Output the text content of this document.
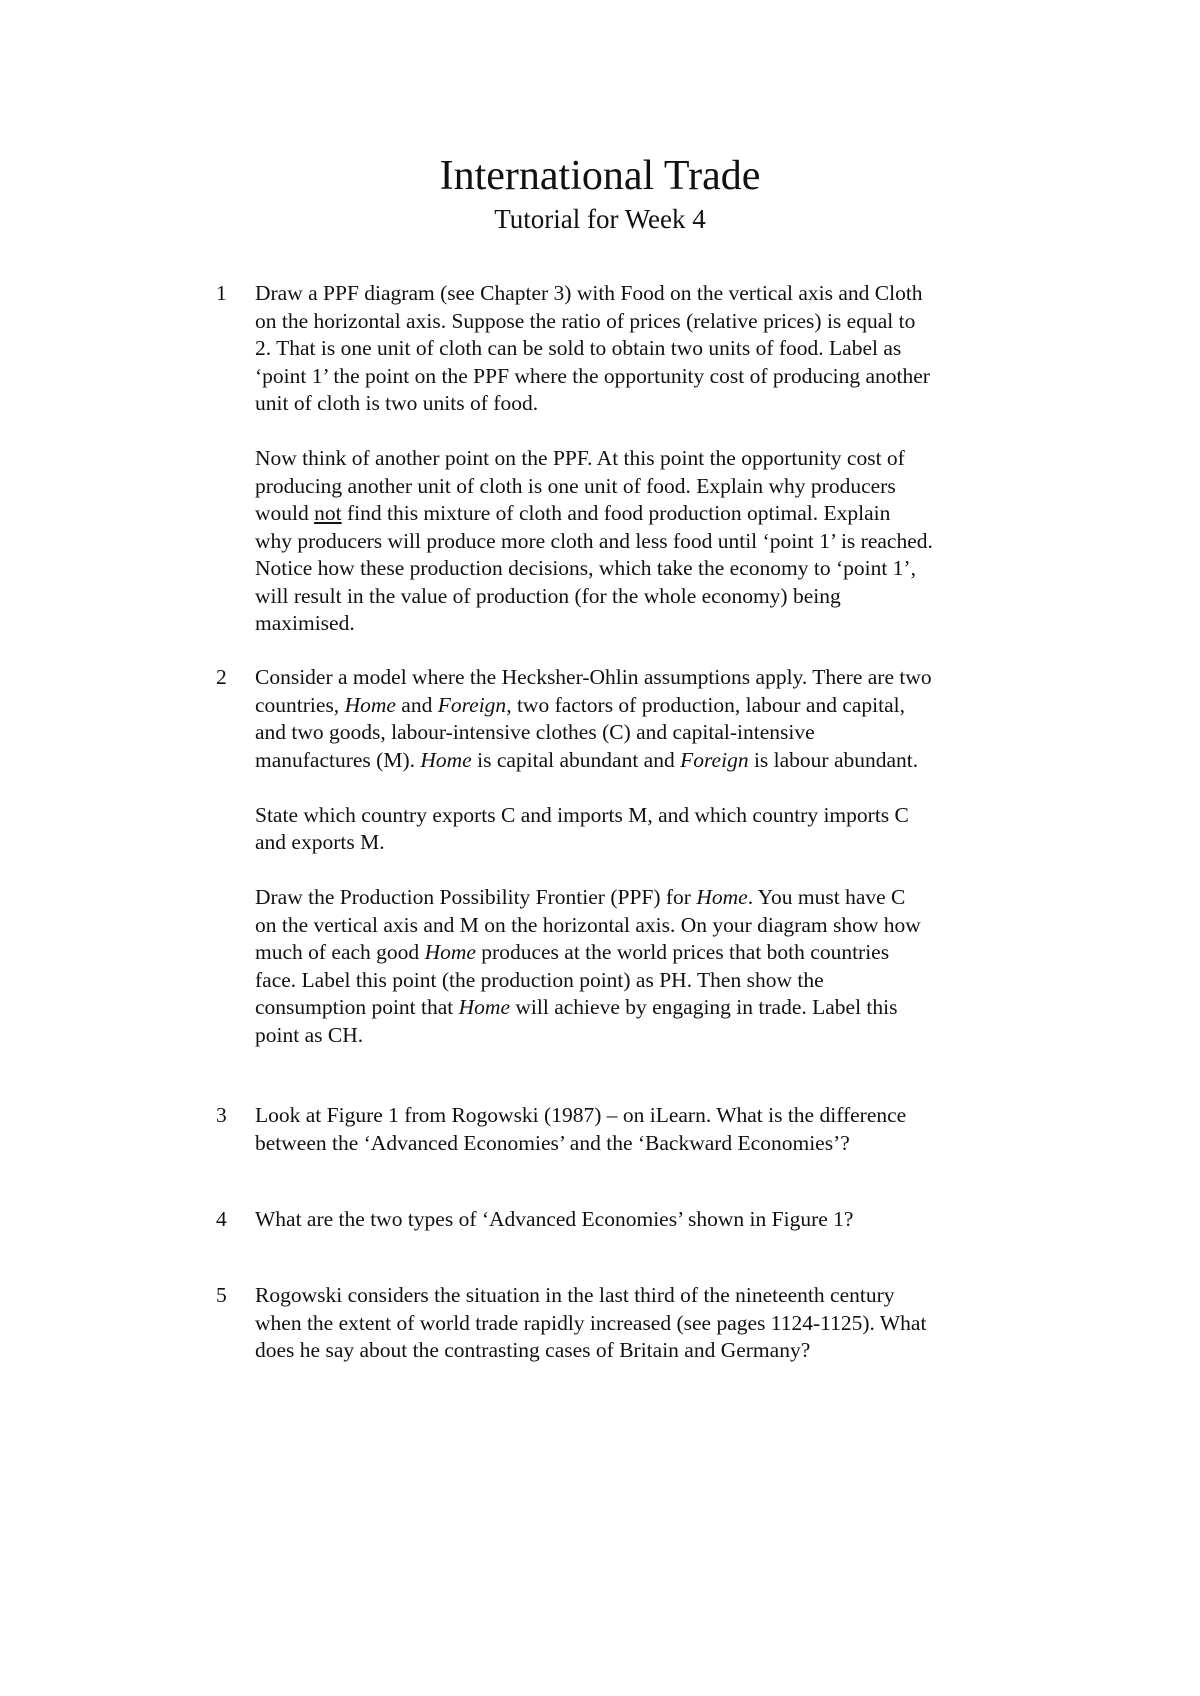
International Trade
Tutorial for Week 4
1 Draw a PPF diagram (see Chapter 3) with Food on the vertical axis and Cloth
on the horizontal axis. Suppose the ratio of prices (relative prices) is equal to
2. That is one unit of cloth can be sold to obtain two units of food. Label as
‘point 1’ the point on the PPF where the opportunity cost of producing another
unit of cloth is two units of food.
Now think of another point on the PPF. At this point the opportunity cost of
producing another unit of cloth is one unit of food. Explain why producers
would not find this mixture of cloth and food production optimal. Explain
why producers will produce more cloth and less food until ‘point 1’ is reached.
Notice how these production decisions, which take the economy to ‘point 1’,
will result in the value of production (for the whole economy) being
maximised.
2 Consider a model where the Hecksher-Ohlin assumptions apply. There are two
countries, Home and Foreign, two factors of production, labour and capital,
and two goods, labour-intensive clothes (C) and capital-intensive
manufactures (M). Home is capital abundant and Foreign is labour abundant.
State which country exports C and imports M, and which country imports C
and exports M.
Draw the Production Possibility Frontier (PPF) for Home. You must have C
on the vertical axis and M on the horizontal axis. On your diagram show how
much of each good Home produces at the world prices that both countries
face. Label this point (the production point) as PH. Then show the
consumption point that Home will achieve by engaging in trade. Label this
point as CH.
3 Look at Figure 1 from Rogowski (1987) – on iLearn. What is the difference
between the ‘Advanced Economies’ and the ‘Backward Economies’?
4 What are the two types of ‘Advanced Economies’ shown in Figure 1?
5 Rogowski considers the situation in the last third of the nineteenth century
when the extent of world trade rapidly increased (see pages 1124-1125). What
does he say about the contrasting cases of Britain and Germany?
